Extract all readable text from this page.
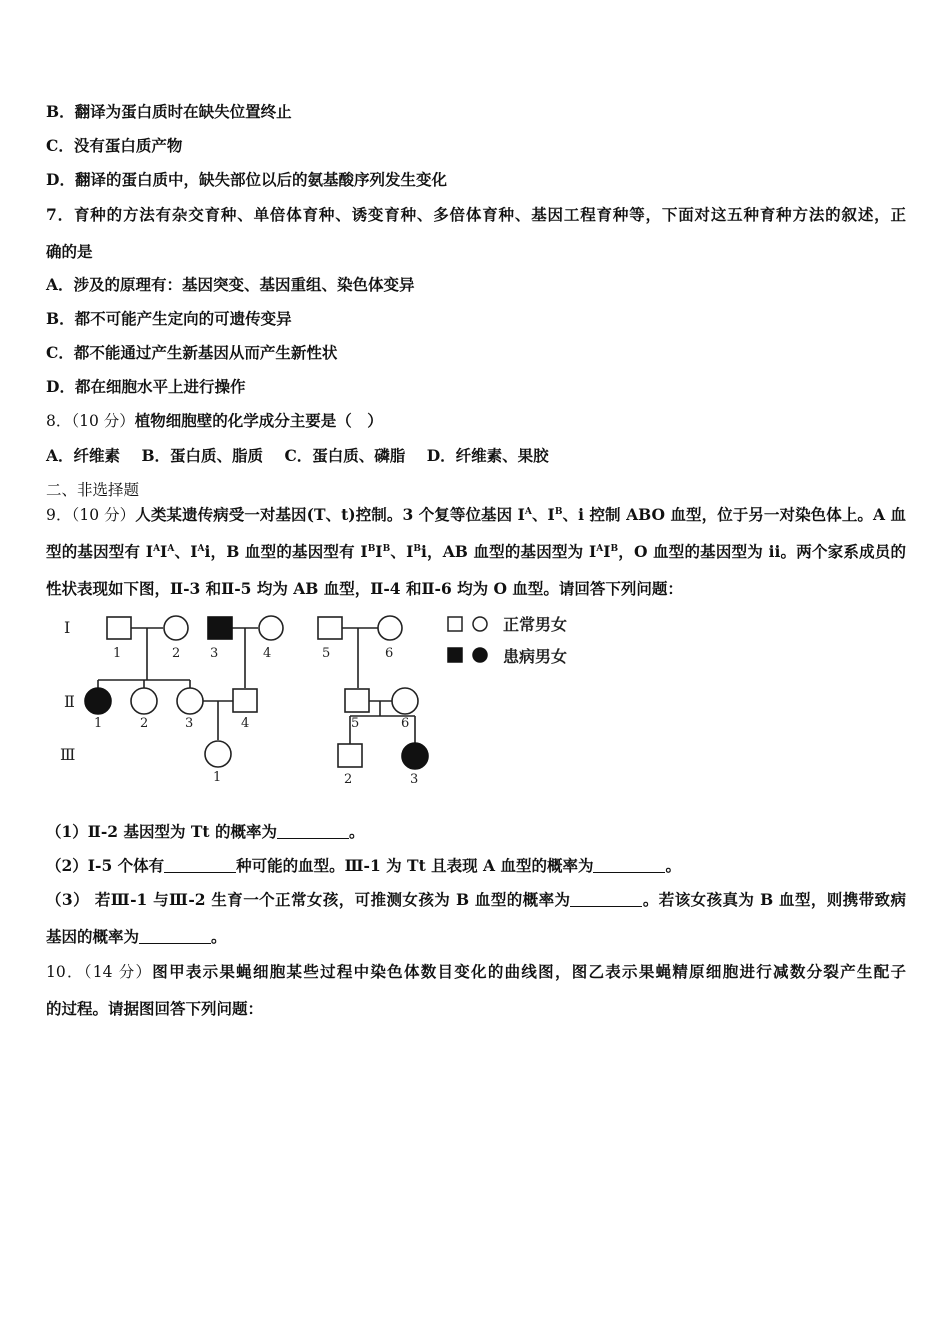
B．翻译为蛋白质时在缺失位置终止
C．没有蛋白质产物
D．翻译的蛋白质中，缺失部位以后的氨基酸序列发生变化
7．育种的方法有杂交育种、单倍体育种、诱变育种、多倍体育种、基因工程育种等，下面对这五种育种方法的叙述，正
确的是
A．涉及的原理有：基因突变、基因重组、染色体变异
B．都不可能产生定向的可遗传变异
C．都不能通过产生新基因从而产生新性状
D．都在细胞水平上进行操作
8．（10 分）植物细胞壁的化学成分主要是（　）
A．纤维素 B．蛋白质、脂质 C．蛋白质、磷脂 D．纤维素、果胶
二、非选择题
9．（10 分）人类某遗传病受一对基因(T、t)控制。3 个复等位基因 $I^A$、$I^B$、i 控制 ABO 血型，位于另一对染色体上。A 血
型的基因型有 $I^AI^A$、$I^Ai$，B 血型的基因型有 $I^BI^B$、$I^Bi$，AB 血型的基因型为 $I^AI^B$，O 血型的基因型为 ii。两个家系成员的
性状表现如下图，Ⅱ-3 和Ⅱ-5 均为 AB 血型，Ⅱ-4 和Ⅱ-6 均为 O 血型。请回答下列问题：
Ⅰ
Ⅱ
Ⅲ
1	2 3	4	5	6
1	2	3	4	5	6
1	2	3
正常男女
患病男女
（1）Ⅱ-2 基因型为 Tt 的概率为	。
（2）Ⅰ-5 个体有	种可能的血型。Ⅲ-1 为 Tt 且表现 A 血型的概率为	。
（3） 若Ⅲ-1 与Ⅲ-2 生育一个正常女孩，可推测女孩为 B 血型的概率为	。若该女孩真为 B 血型，则携带致病
基因的概率为	。
10．（14 分）图甲表示果蝇细胞某些过程中染色体数目变化的曲线图，图乙表示果蝇精原细胞进行减数分裂产生配子
的过程。请据图回答下列问题：
